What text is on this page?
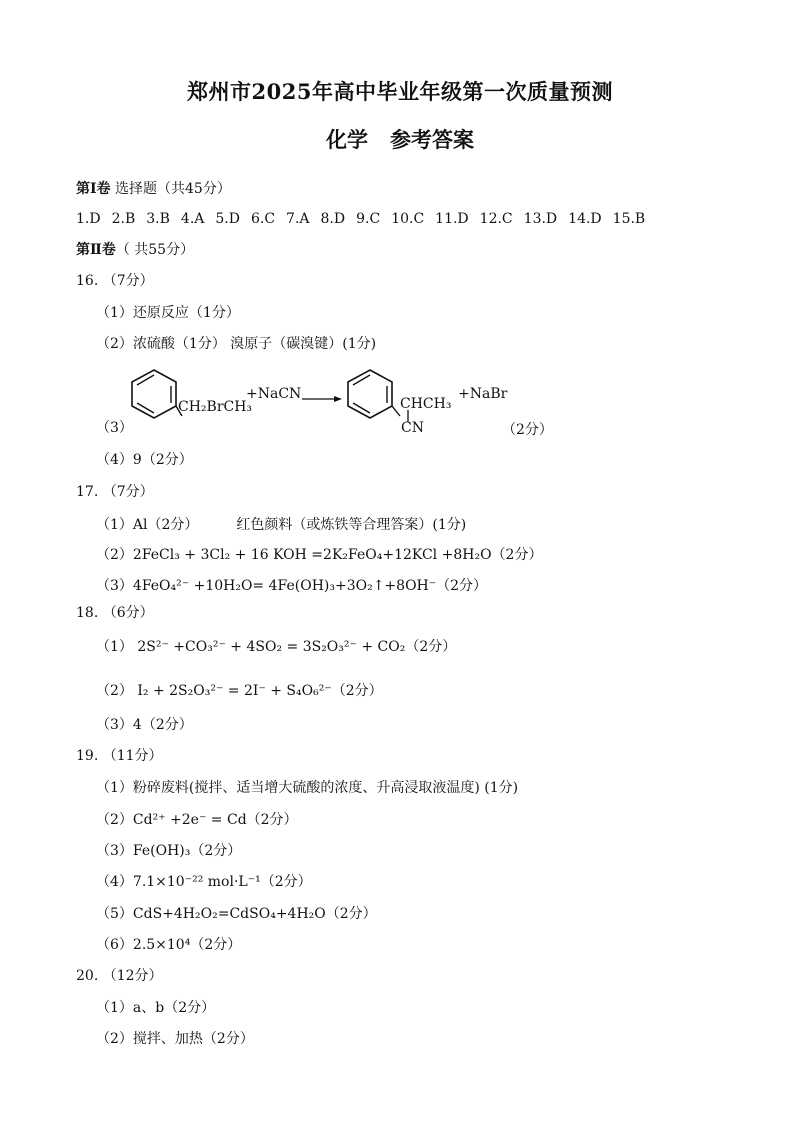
郑州市2025年高中毕业年级第一次质量预测
化学 参考答案
第Ⅰ卷 选择题（共45分）
1.D 2.B 3.B 4.A 5.D 6.C 7.A 8.D 9.C 10.C 11.D 12.C 13.D 14.D 15.B
第Ⅱ卷（ 共55分）
16. （7分）
（1）还原反应（1分）
（2）浓硫酸（1分） 溴原子（碳溴键）(1分)
CH₂BrCH₃
+NaCN
CHCH₃
CN
+NaBr
（3）	（2分）
（4）9（2分）
17. （7分）
（1）Al（2分）	红色颜料（或炼铁等合理答案）(1分)
（2）2FeCl₃ + 3Cl₂ + 16 KOH =2K₂FeO₄+12KCl +8H₂O（2分）
（3）4FeO₄²⁻ +10H₂O= 4Fe(OH)₃+3O₂↑+8OH⁻（2分）
18. （6分）
（1） 2S²⁻ +CO₃²⁻ + 4SO₂ = 3S₂O₃²⁻ + CO₂（2分）
（2） I₂ + 2S₂O₃²⁻ = 2I⁻ + S₄O₆²⁻（2分）
（3）4（2分）
19. （11分）
（1）粉碎废料(搅拌、适当增大硫酸的浓度、升高浸取液温度) (1分)
（2）Cd²⁺ +2e⁻ = Cd（2分）
（3）Fe(OH)₃（2分）
（4）7.1×10⁻²² mol·L⁻¹（2分）
（5）CdS+4H₂O₂=CdSO₄+4H₂O（2分）
（6）2.5×10⁴（2分）
20. （12分）
（1）a、b（2分）
（2）搅拌、加热（2分）
